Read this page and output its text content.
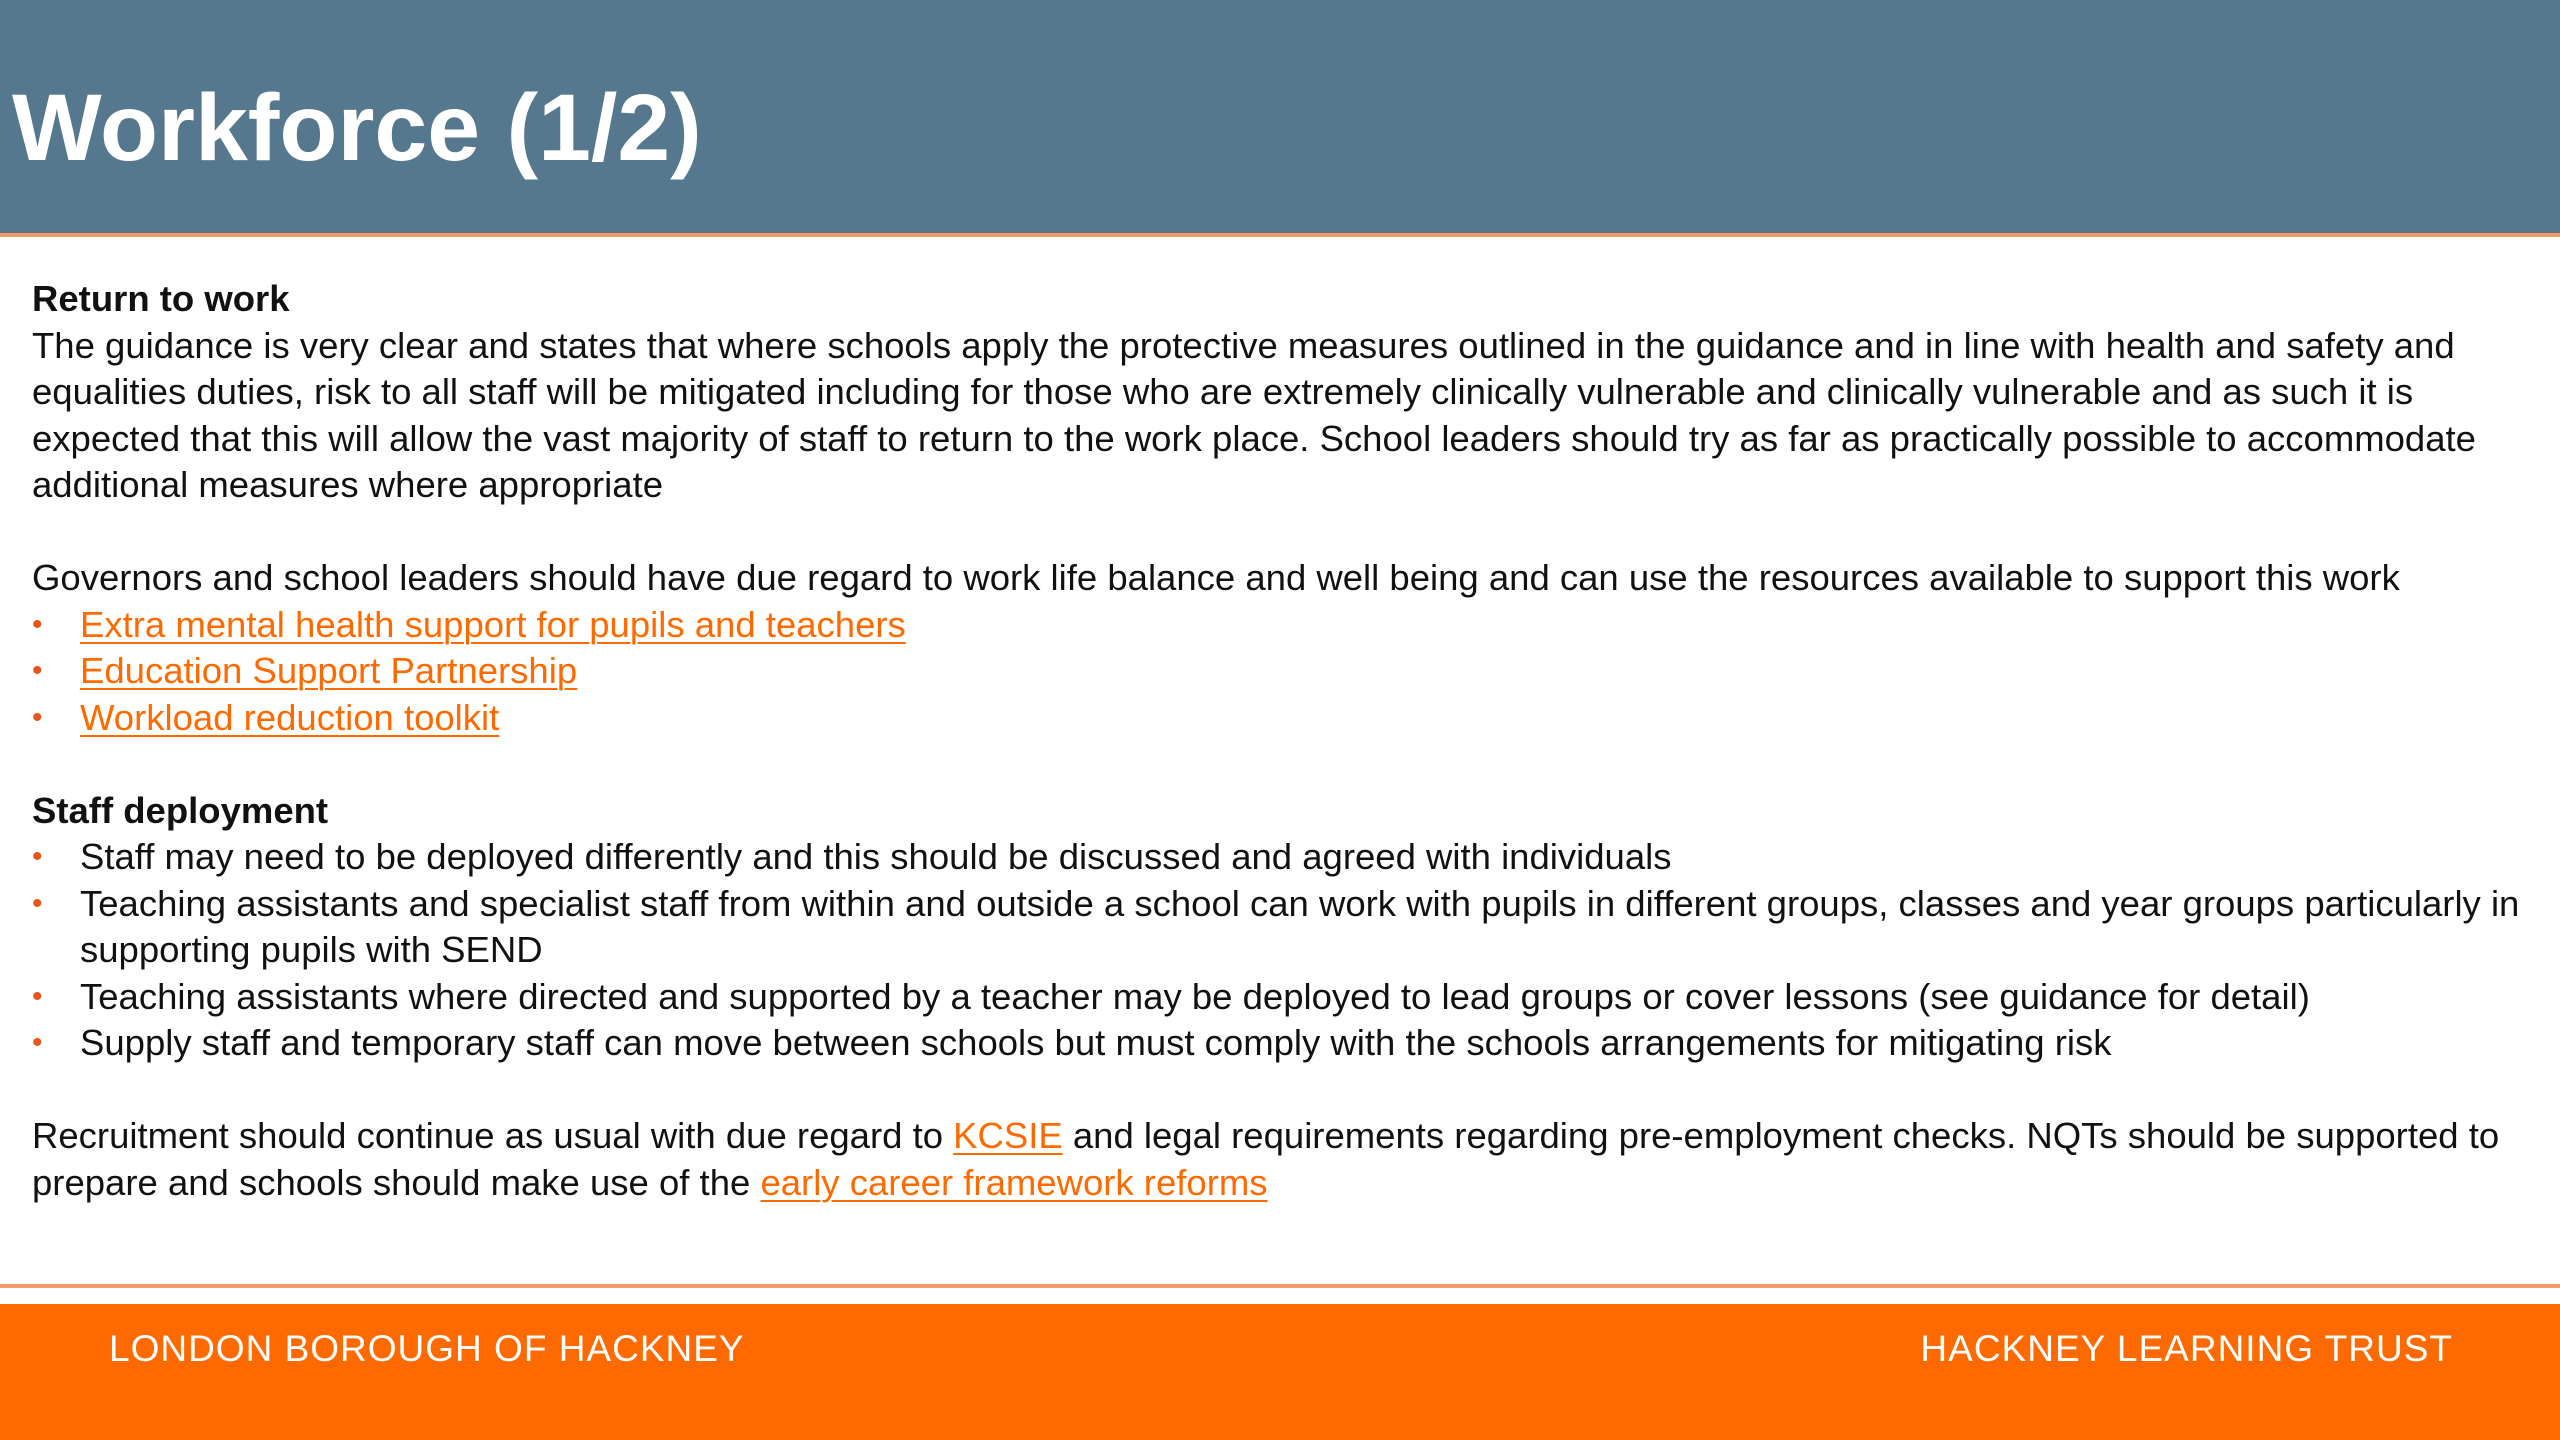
Workforce (1/2)

Return to work

The guidance is very clear and states that where schools apply the protective measures outlined in the guidance and in line with health and safety and equalities duties, risk to all staff will be mitigated including for those who are extremely clinically vulnerable and clinically vulnerable and as such it is expected that this will allow the vast majority of staff to return to the work place. School leaders should try as far as practically possible to accommodate additional measures where appropriate

Governors and school leaders should have due regard to work life balance and well being and can use the resources available to support this work

• Extra mental health support for pupils and teachers
• Education Support Partnership
• Workload reduction toolkit

Staff deployment

• Staff may need to be deployed differently and this should be discussed and agreed with individuals
• Teaching assistants and specialist staff from within and outside a school can work with pupils in different groups, classes and year groups particularly in supporting pupils with SEND
• Teaching assistants where directed and supported by a teacher may be deployed to lead groups or cover lessons (see guidance for detail)
• Supply staff and temporary staff can move between schools but must comply with the schools arrangements for mitigating risk

Recruitment should continue as usual with due regard to KCSIE and legal requirements regarding pre-employment checks. NQTs should be supported to prepare and schools should make use of the early career framework reforms

LONDON BOROUGH OF HACKNEY	HACKNEY LEARNING TRUST
